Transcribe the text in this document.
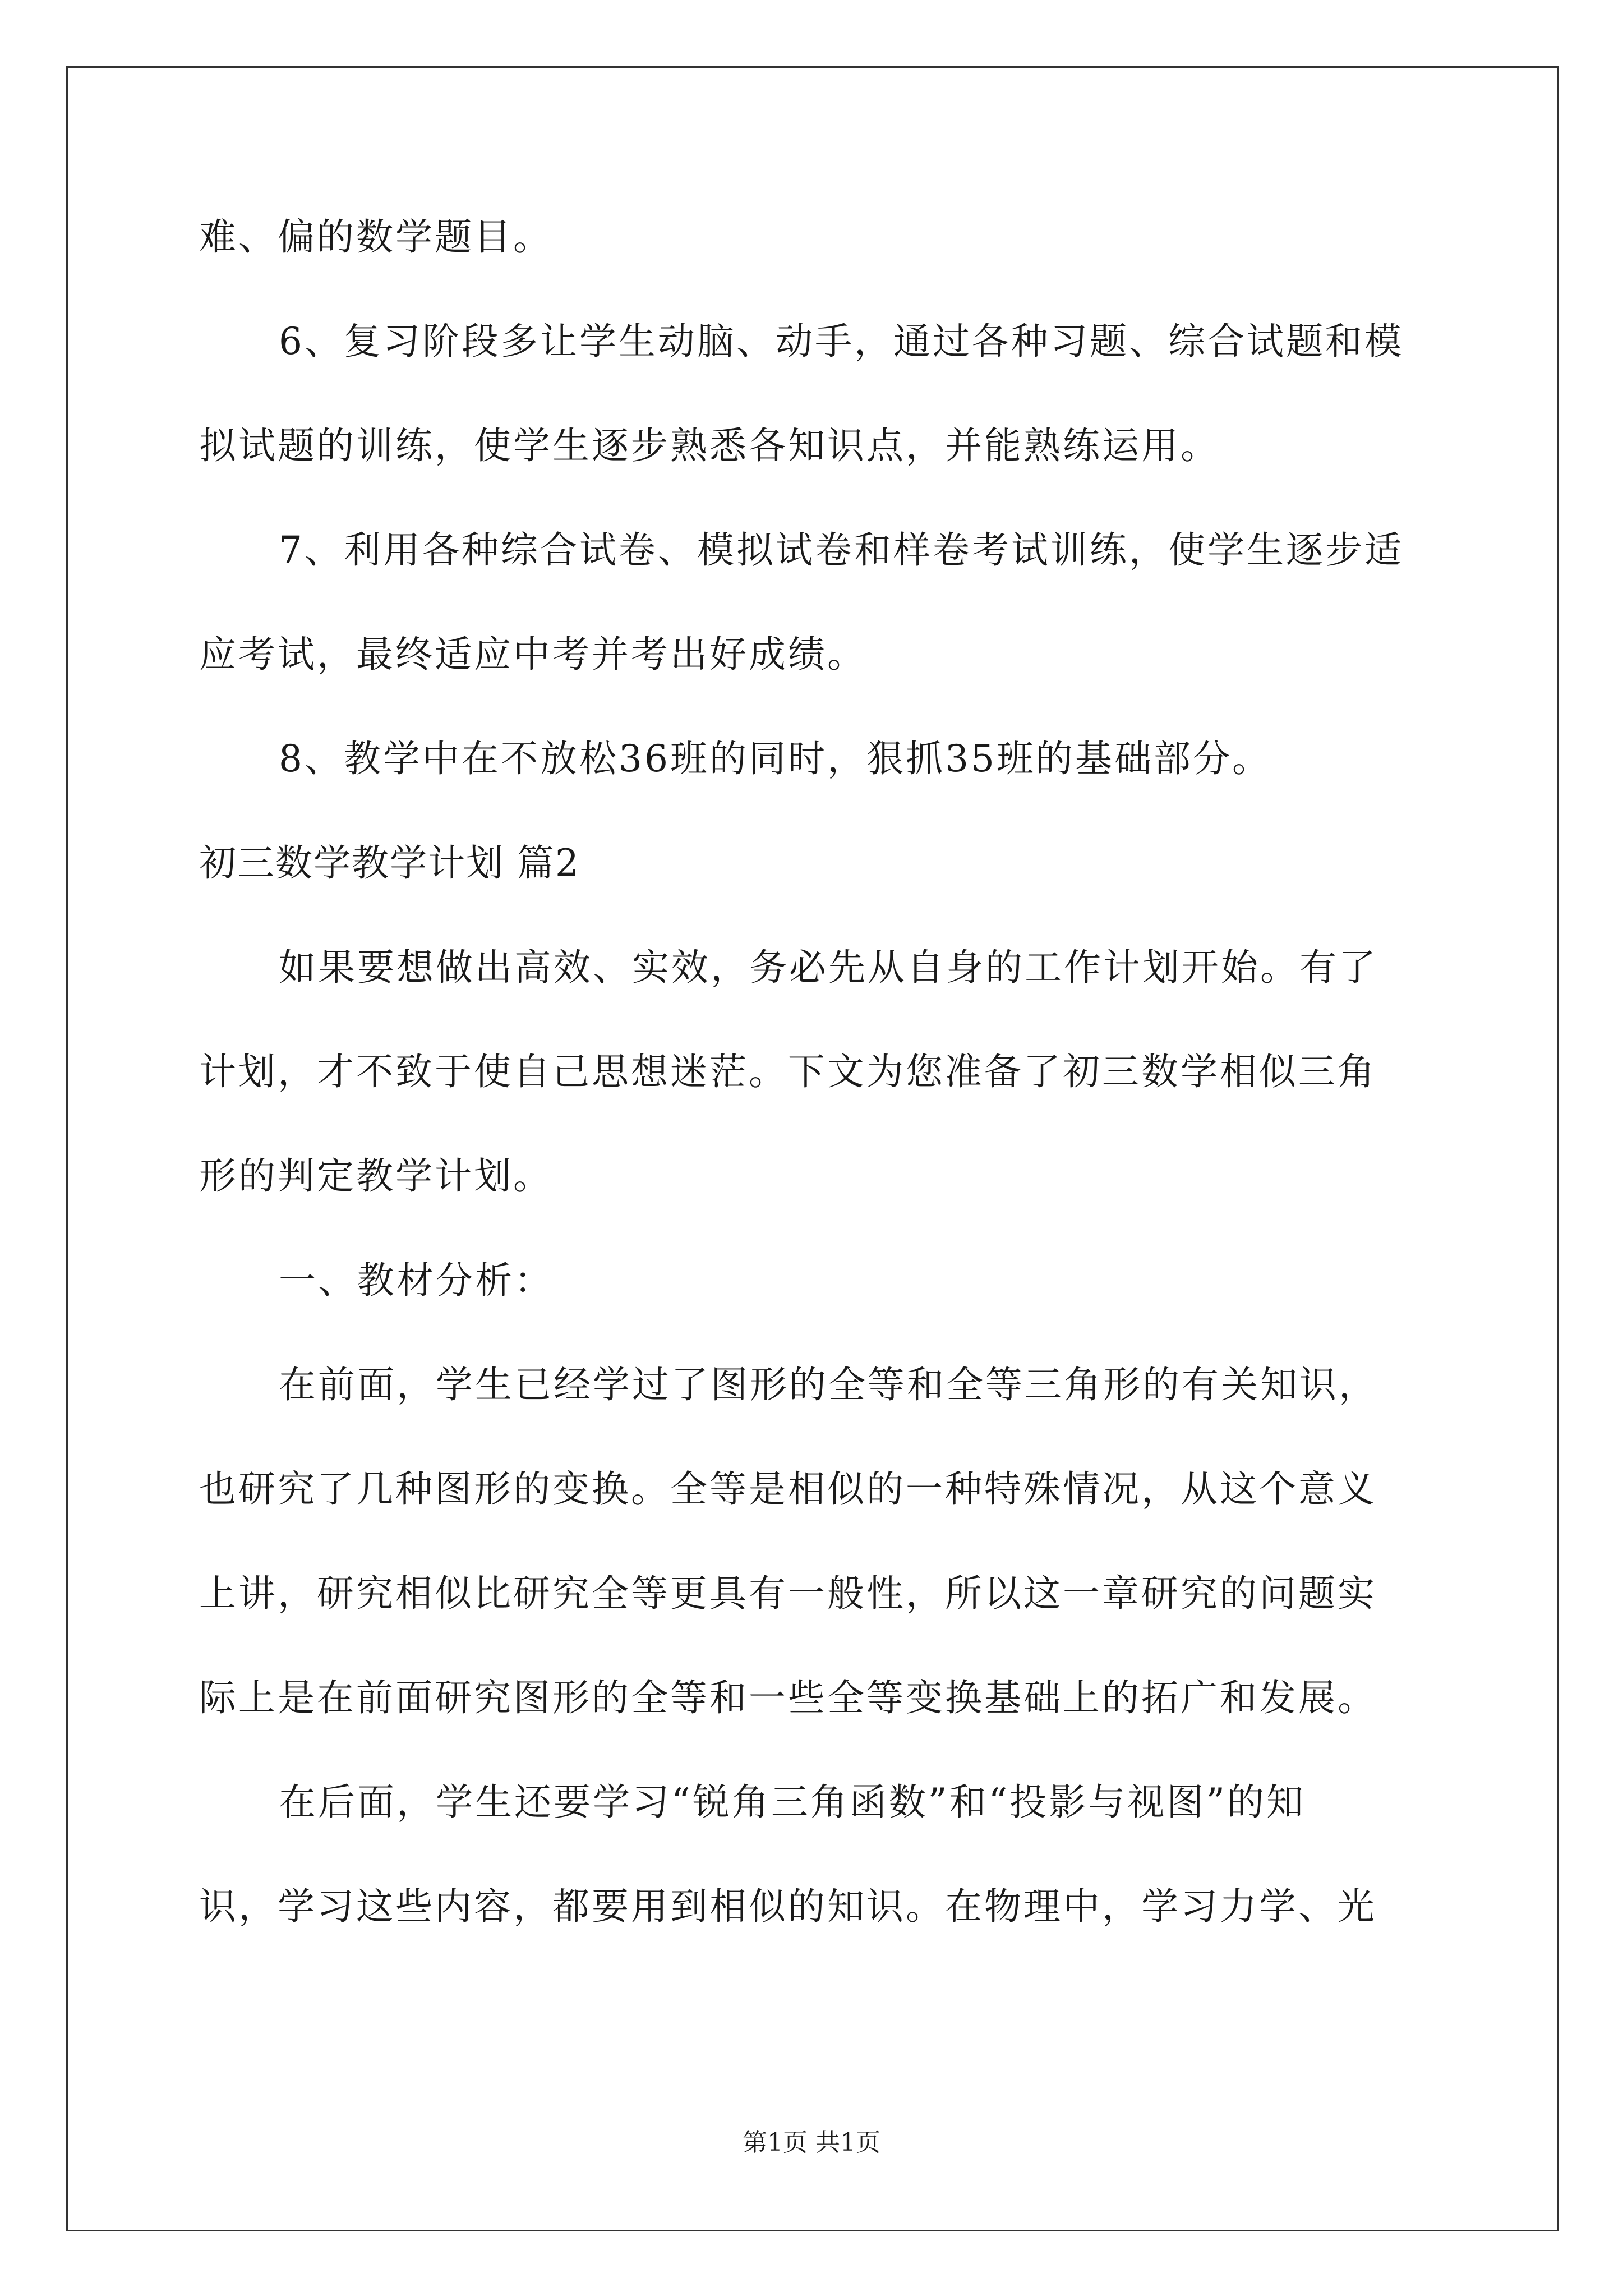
难、偏的数学题目。
6、复习阶段多让学生动脑、动手，通过各种习题、综合试题和模
拟试题的训练，使学生逐步熟悉各知识点，并能熟练运用。
7、利用各种综合试卷、模拟试卷和样卷考试训练，使学生逐步适
应考试，最终适应中考并考出好成绩。
8、教学中在不放松36班的同时，狠抓35班的基础部分。
初三数学教学计划 篇2
如果要想做出高效、实效，务必先从自身的工作计划开始。有了
计划，才不致于使自己思想迷茫。下文为您准备了初三数学相似三角
形的判定教学计划。
一、教材分析：
在前面，学生已经学过了图形的全等和全等三角形的有关知识，
也研究了几种图形的变换。全等是相似的一种特殊情况，从这个意义
上讲，研究相似比研究全等更具有一般性，所以这一章研究的问题实
际上是在前面研究图形的全等和一些全等变换基础上的拓广和发展。
在后面，学生还要学习“锐角三角函数”和“投影与视图”的知
识，学习这些内容，都要用到相似的知识。在物理中，学习力学、光
第1页 共1页
